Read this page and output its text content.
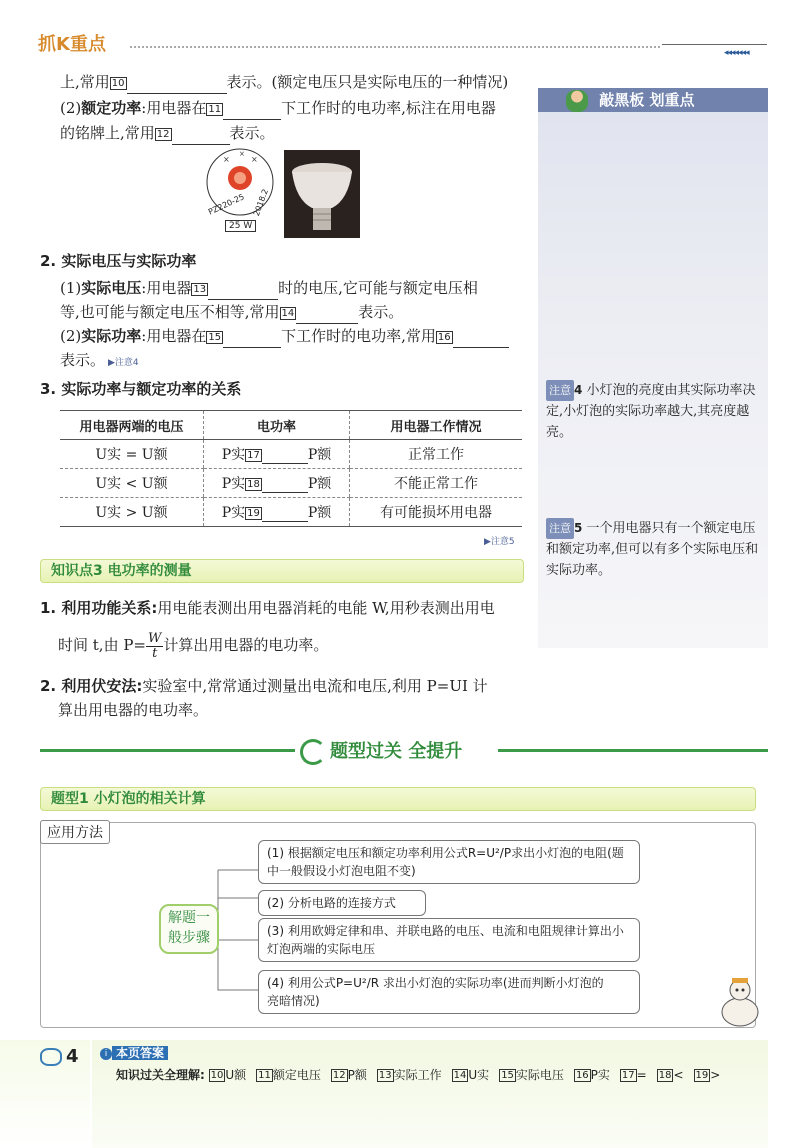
抓K重点	◂◂◂◂◂◂◂
敲黑板 划重点
上,常用 10	表示。(额定电压只是实际电压的一种情况)
(2)额定功率:用电器在 11	下工作时的电功率,标注在用电器
的铭牌上,常用 12	表示。
×	×
×
PZ220-25 2018.2
25 W
2. 实际电压与实际功率
(1)实际电压:用电器 13	时的电压,它可能与额定电压相
等,也可能与额定电压不相等,常用 14	表示。
(2)实际功率:用电器在 15	下工作时的电功率,常用 16
表示。 ▶注意4
3. 实际功率与额定功率的关系
用电器两端的电压	电功率	用电器工作情况
U实 = U额	P实 17 P额	正常工作
U实 < U额	P实 18 P额	不能正常工作
U实 > U额	P实 19 P额	有可能损坏用电器
▶注意5
注意 4 小灯泡的亮度由其实际功率决定,小灯泡的实际功率越大,其亮度越亮。
注意 5 一个用电器只有一个额定电压和额定功率,但可以有多个实际电压和实际功率。
知识点3 电功率的测量
1. 利用功能关系:用电能表测出用电器消耗的电能 W,用秒表测出用电
时间 t,由 $P= \frac{W}{t}$ 计算出用电器的电功率。
2. 利用伏安法:实验室中,常常通过测量出电流和电压,利用 P=UI 计
算出用电器的电功率。
题型过关 全提升
题型1 小灯泡的相关计算
应用方法
解题一
般步骤
(1) 根据额定电压和额定功率利用公式R=U²/P求出小灯泡的电阻(题
中一般假设小灯泡电阻不变)
(2) 分析电路的连接方式
(3) 利用欧姆定律和串、并联电路的电压、电流和电阻规律计算出小
灯泡两端的实际电压
(4) 利用公式P=U²/R 求出小灯泡的实际功率(进而判断小灯泡的
亮暗情况)
4	i 本页答案
知识过关全理解: 10 U额 11 额定电压 12 P额 13 实际工作 14 U实 15 实际电压 16 P实 17 = 18 < 19 >
